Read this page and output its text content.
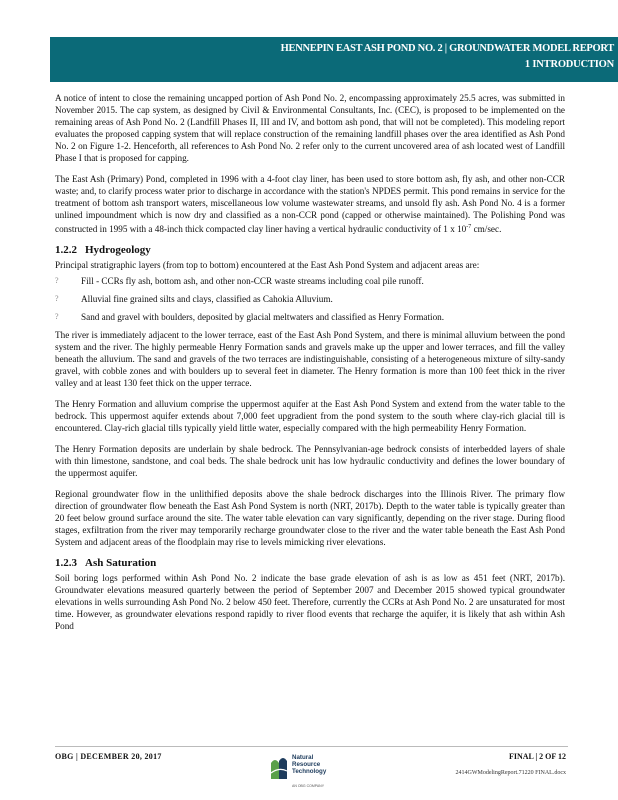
HENNEPIN EAST ASH POND NO. 2 | GROUNDWATER MODEL REPORT
1 INTRODUCTION

A notice of intent to close the remaining uncapped portion of Ash Pond No. 2, encompassing approximately 25.5 acres, was submitted in November 2015. The cap system, as designed by Civil & Environmental Consultants, Inc. (CEC), is proposed to be implemented on the remaining areas of Ash Pond No. 2 (Landfill Phases II, III and IV, and bottom ash pond, that will not be completed). This modeling report evaluates the proposed capping system that will replace construction of the remaining landfill phases over the area identified as Ash Pond No. 2 on Figure 1-2. Henceforth, all references to Ash Pond No. 2 refer only to the current uncovered area of ash located west of Landfill Phase I that is proposed for capping.

The East Ash (Primary) Pond, completed in 1996 with a 4-foot clay liner, has been used to store bottom ash, fly ash, and other non-CCR waste; and, to clarify process water prior to discharge in accordance with the station's NPDES permit. This pond remains in service for the treatment of bottom ash transport waters, miscellaneous low volume wastewater streams, and unsold fly ash. Ash Pond No. 4 is a former unlined impoundment which is now dry and classified as a non-CCR pond (capped or otherwise maintained). The Polishing Pond was constructed in 1995 with a 48-inch thick compacted clay liner having a vertical hydraulic conductivity of 1 x $10^{-7}$ cm/sec.

1.2.2 Hydrogeology

Principal stratigraphic layers (from top to bottom) encountered at the East Ash Pond System and adjacent areas are:

? Fill - CCRs fly ash, bottom ash, and other non-CCR waste streams including coal pile runoff.
? Alluvial fine grained silts and clays, classified as Cahokia Alluvium.
? Sand and gravel with boulders, deposited by glacial meltwaters and classified as Henry Formation.

The river is immediately adjacent to the lower terrace, east of the East Ash Pond System, and there is minimal alluvium between the pond system and the river. The highly permeable Henry Formation sands and gravels make up the upper and lower terraces, and fill the valley beneath the alluvium. The sand and gravels of the two terraces are indistinguishable, consisting of a heterogeneous mixture of silty-sandy gravel, with cobble zones and with boulders up to several feet in diameter. The Henry formation is more than 100 feet thick in the river valley and at least 130 feet thick on the upper terrace.

The Henry Formation and alluvium comprise the uppermost aquifer at the East Ash Pond System and extend from the water table to the bedrock. This uppermost aquifer extends about 7,000 feet upgradient from the pond system to the south where clay-rich glacial till is encountered. Clay-rich glacial tills typically yield little water, especially compared with the high permeability Henry Formation.

The Henry Formation deposits are underlain by shale bedrock. The Pennsylvanian-age bedrock consists of interbedded layers of shale with thin limestone, sandstone, and coal beds. The shale bedrock unit has low hydraulic conductivity and defines the lower boundary of the uppermost aquifer.

Regional groundwater flow in the unlithified deposits above the shale bedrock discharges into the Illinois River. The primary flow direction of groundwater flow beneath the East Ash Pond System is north (NRT, 2017b). Depth to the water table is typically greater than 20 feet below ground surface around the site. The water table elevation can vary significantly, depending on the river stage. During flood stages, exfiltration from the river may temporarily recharge groundwater close to the river and the water table beneath the East Ash Pond System and adjacent areas of the floodplain may rise to levels mimicking river elevations.

1.2.3 Ash Saturation

Soil boring logs performed within Ash Pond No. 2 indicate the base grade elevation of ash is as low as 451 feet (NRT, 2017b). Groundwater elevations measured quarterly between the period of September 2007 and December 2015 showed typical groundwater elevations in wells surrounding Ash Pond No. 2 below 450 feet. Therefore, currently the CCRs at Ash Pond No. 2 are unsaturated for most time. However, as groundwater elevations respond rapidly to river flood events that recharge the aquifer, it is likely that ash within Ash Pond

OBG | DECEMBER 20, 2017	FINAL | 2 OF 12
2414GWModelingReport.71220 FINAL.docx
Natural
Resource
Technology
AN OBG COMPANY
